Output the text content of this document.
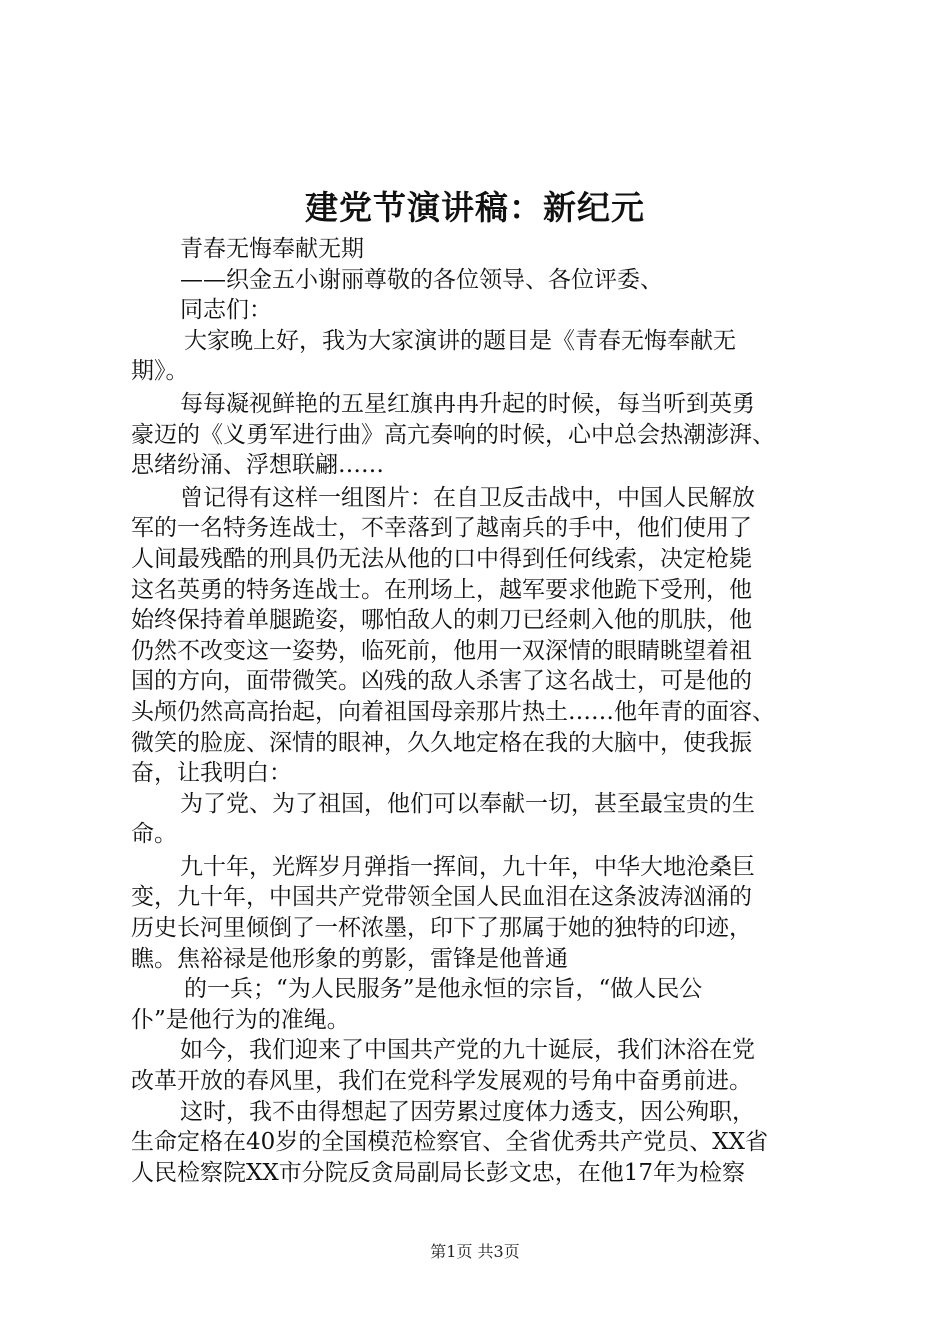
建党节演讲稿：新纪元
青春无悔奉献无期
——织金五小谢丽尊敬的各位领导、各位评委、
同志们：
大家晚上好，我为大家演讲的题目是《青春无悔奉献无
期》。
每每凝视鲜艳的五星红旗冉冉升起的时候，每当听到英勇
豪迈的《义勇军进行曲》高亢奏响的时候，心中总会热潮澎湃、
思绪纷涌、浮想联翩……
曾记得有这样一组图片：在自卫反击战中，中国人民解放
军的一名特务连战士，不幸落到了越南兵的手中，他们使用了
人间最残酷的刑具仍无法从他的口中得到任何线索，决定枪毙
这名英勇的特务连战士。在刑场上，越军要求他跪下受刑，他
始终保持着单腿跪姿，哪怕敌人的刺刀已经刺入他的肌肤，他
仍然不改变这一姿势，临死前，他用一双深情的眼睛眺望着祖
国的方向，面带微笑。凶残的敌人杀害了这名战士，可是他的
头颅仍然高高抬起，向着祖国母亲那片热土……他年青的面容、
微笑的脸庞、深情的眼神，久久地定格在我的大脑中，使我振
奋，让我明白：
为了党、为了祖国，他们可以奉献一切，甚至最宝贵的生
命。
九十年，光辉岁月弹指一挥间，九十年，中华大地沧桑巨
变，九十年，中国共产党带领全国人民血泪在这条波涛汹涌的
历史长河里倾倒了一杯浓墨，印下了那属于她的独特的印迹，
瞧。焦裕禄是他形象的剪影，雷锋是他普通
的一兵；“为人民服务”是他永恒的宗旨，“做人民公
仆”是他行为的准绳。
如今，我们迎来了中国共产党的九十诞辰，我们沐浴在党
改革开放的春风里，我们在党科学发展观的号角中奋勇前进。
这时，我不由得想起了因劳累过度体力透支，因公殉职，
生命定格在40岁的全国模范检察官、全省优秀共产党员、XX省
人民检察院XX市分院反贪局副局长彭文忠，在他17年为检察
第1页 共3页
